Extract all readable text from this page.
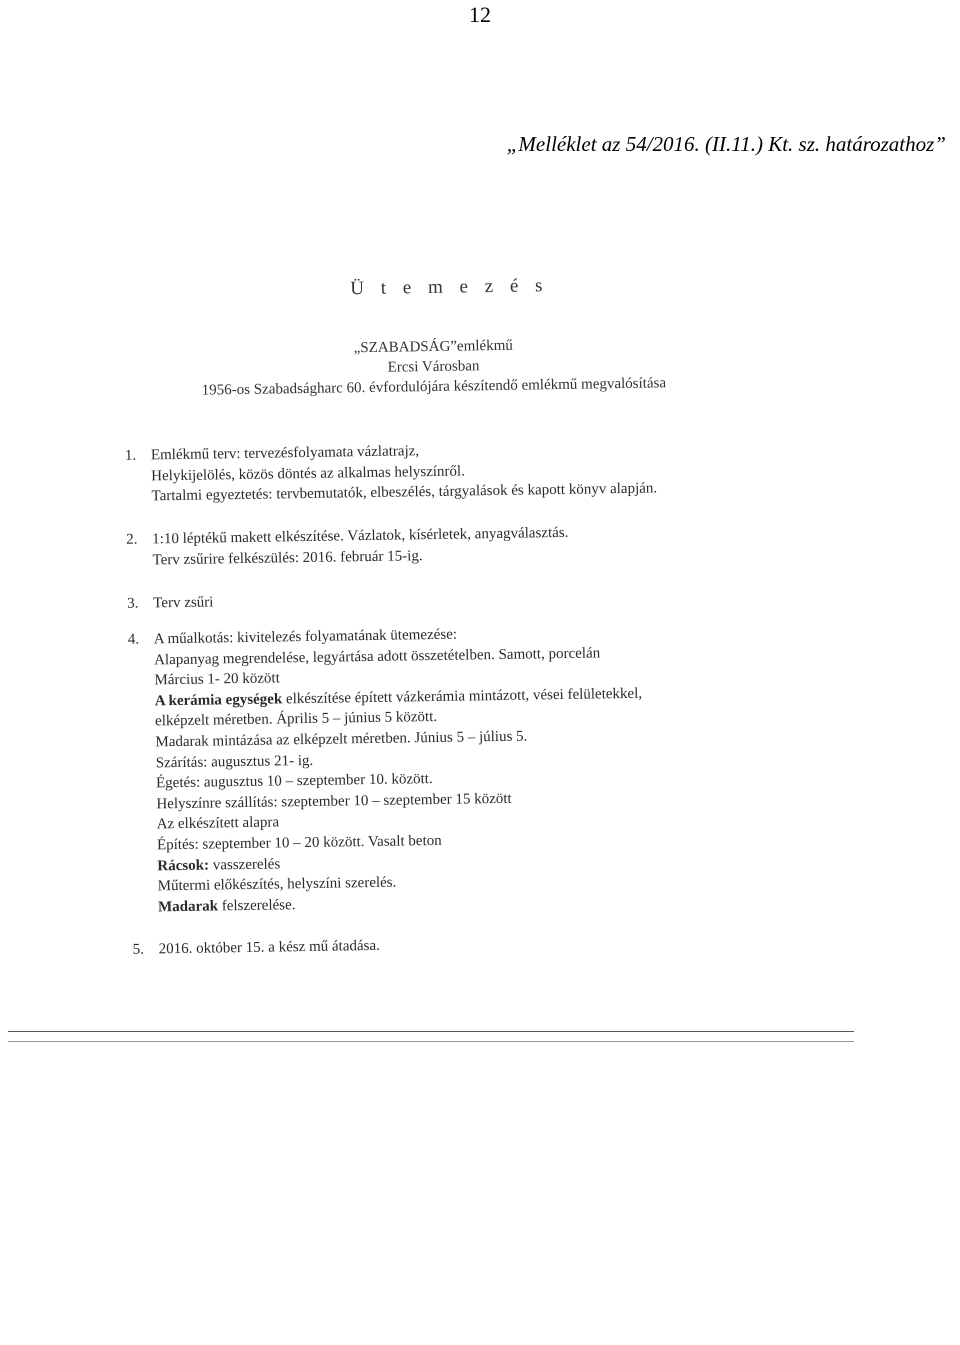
12
„Melléklet az 54/2016. (II.11.) Kt. sz. határozathoz”
Ü t e m e z é s
„SZABADSÁG”emlékmű
Ercsi Városban
1956-os Szabadságharc 60. évfordulójára készítendő emlékmű megvalósítása
1. Emlékmű terv: tervezésfolyamata vázlatrajz,
Helykijelölés, közös döntés az alkalmas helyszínről.
Tartalmi egyeztetés: tervbemutatók, elbeszélés, tárgyalások és kapott könyv alapján.
2. 1:10 léptékű makett elkészítése. Vázlatok, kísérletek, anyagválasztás.
Terv zsűrire felkészülés: 2016. február 15-ig.
3. Terv zsűri
4. A műalkotás: kivitelezés folyamatának ütemezése:
Alapanyag megrendelése, legyártása adott összetételben. Samott, porcelán
Március 1- 20 között
A kerámia egységek elkészítése épített vázkerámia mintázott, vései felületekkel,
elképzelt méretben. Április 5 – június 5 között.
Madarak mintázása az elképzelt méretben. Június 5 – július 5.
Szárítás: augusztus 21- ig.
Égetés: augusztus 10 – szeptember 10. között.
Helyszínre szállítás: szeptember 10 – szeptember 15 között
Az elkészített alapra
Építés: szeptember 10 – 20 között. Vasalt beton
Rácsok: vasszerelés
Műtermi előkészítés, helyszíni szerelés.
Madarak felszerelése.
5. 2016. október 15. a kész mű átadása.
